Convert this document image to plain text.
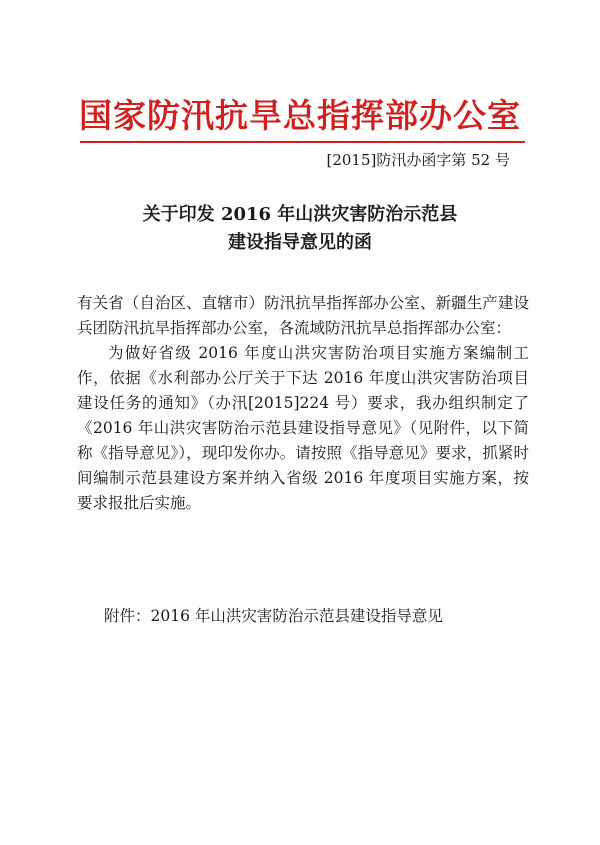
国家防汛抗旱总指挥部办公室
[2015]防汛办函字第 52 号
关于印发 2016 年山洪灾害防治示范县
建设指导意见的函

有关省（自治区、直辖市）防汛抗旱指挥部办公室、新疆生产建设兵团防汛抗旱指挥部办公室，各流域防汛抗旱总指挥部办公室：

为做好省级 2016 年度山洪灾害防治项目实施方案编制工作，依据《水利部办公厅关于下达 2016 年度山洪灾害防治项目建设任务的通知》（办汛[2015]224 号）要求，我办组织制定了《2016 年山洪灾害防治示范县建设指导意见》（见附件，以下简称《指导意见》），现印发你办。请按照《指导意见》要求，抓紧时间编制示范县建设方案并纳入省级 2016 年度项目实施方案，按要求报批后实施。

附件：2016 年山洪灾害防治示范县建设指导意见
